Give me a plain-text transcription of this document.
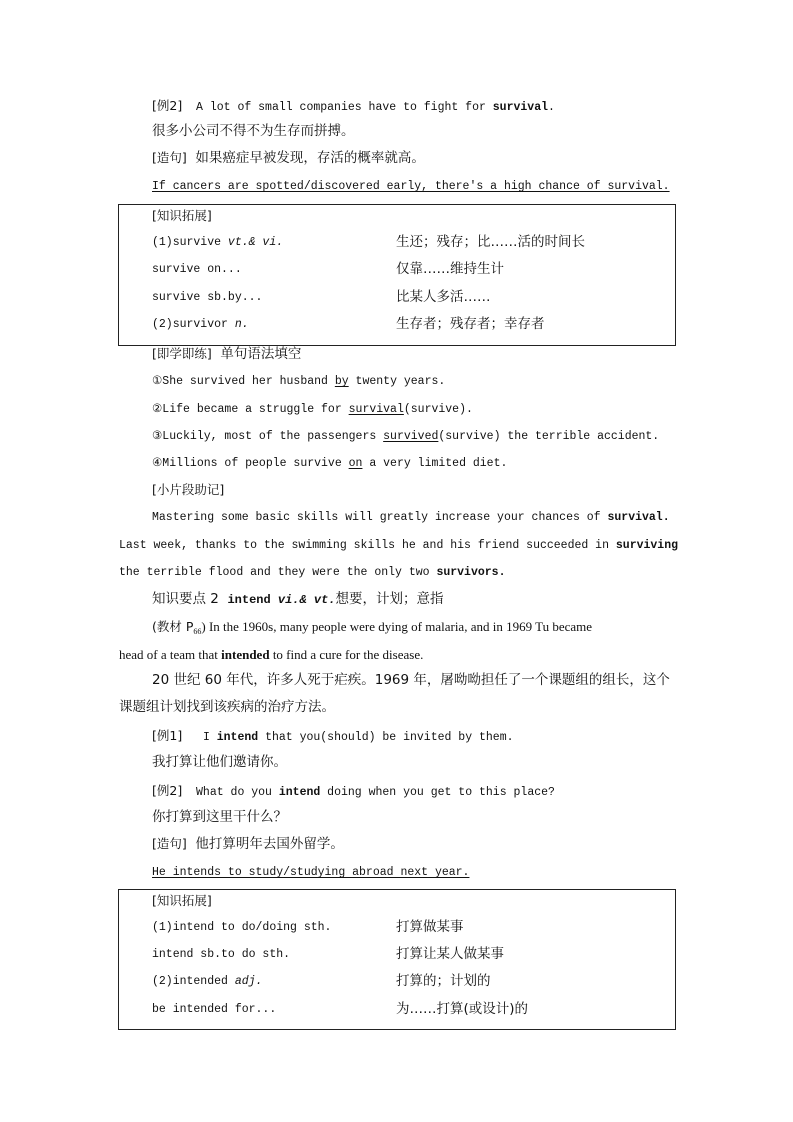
[例2] A lot of small companies have to fight for survival.
很多小公司不得不为生存而拼搏。
[造句] 如果癌症早被发现，存活的概率就高。
If cancers are spotted/discovered early, there's a high chance of survival.
[知识拓展]
(1)survive vt.& vi.	生还；残存；比……活的时间长
survive on...	仅靠……维持生计
survive sb.by...	比某人多活……
(2)survivor n.	生存者；残存者；幸存者
[即学即练] 单句语法填空
①She survived her husband by twenty years.
②Life became a struggle for survival(survive).
③Luckily, most of the passengers survived(survive) the terrible accident.
④Millions of people survive on a very limited diet.
[小片段助记]
Mastering some basic skills will greatly increase your chances of survival.
Last week, thanks to the swimming skills he and his friend succeeded in surviving
the terrible flood and they were the only two survivors.
知识要点 2 intend vi.& vt.想要，计划；意指
(教材 $P_{66}$) In the 1960s, many people were dying of malaria, and in 1969 Tu became
head of a team that intended to find a cure for the disease.
20 世纪 60 年代，许多人死于疟疾。1969 年，屠呦呦担任了一个课题组的组长，这个
课题组计划找到该疾病的治疗方法。
[例1] I intend that you(should) be invited by them.
我打算让他们邀请你。
[例2] What do you intend doing when you get to this place?
你打算到这里干什么？
[造句] 他打算明年去国外留学。
He intends to study/studying abroad next year.
[知识拓展]
(1)intend to do/doing sth.	打算做某事
intend sb.to do sth.	打算让某人做某事
(2)intended adj.	打算的；计划的
be intended for...	为……打算(或设计)的
